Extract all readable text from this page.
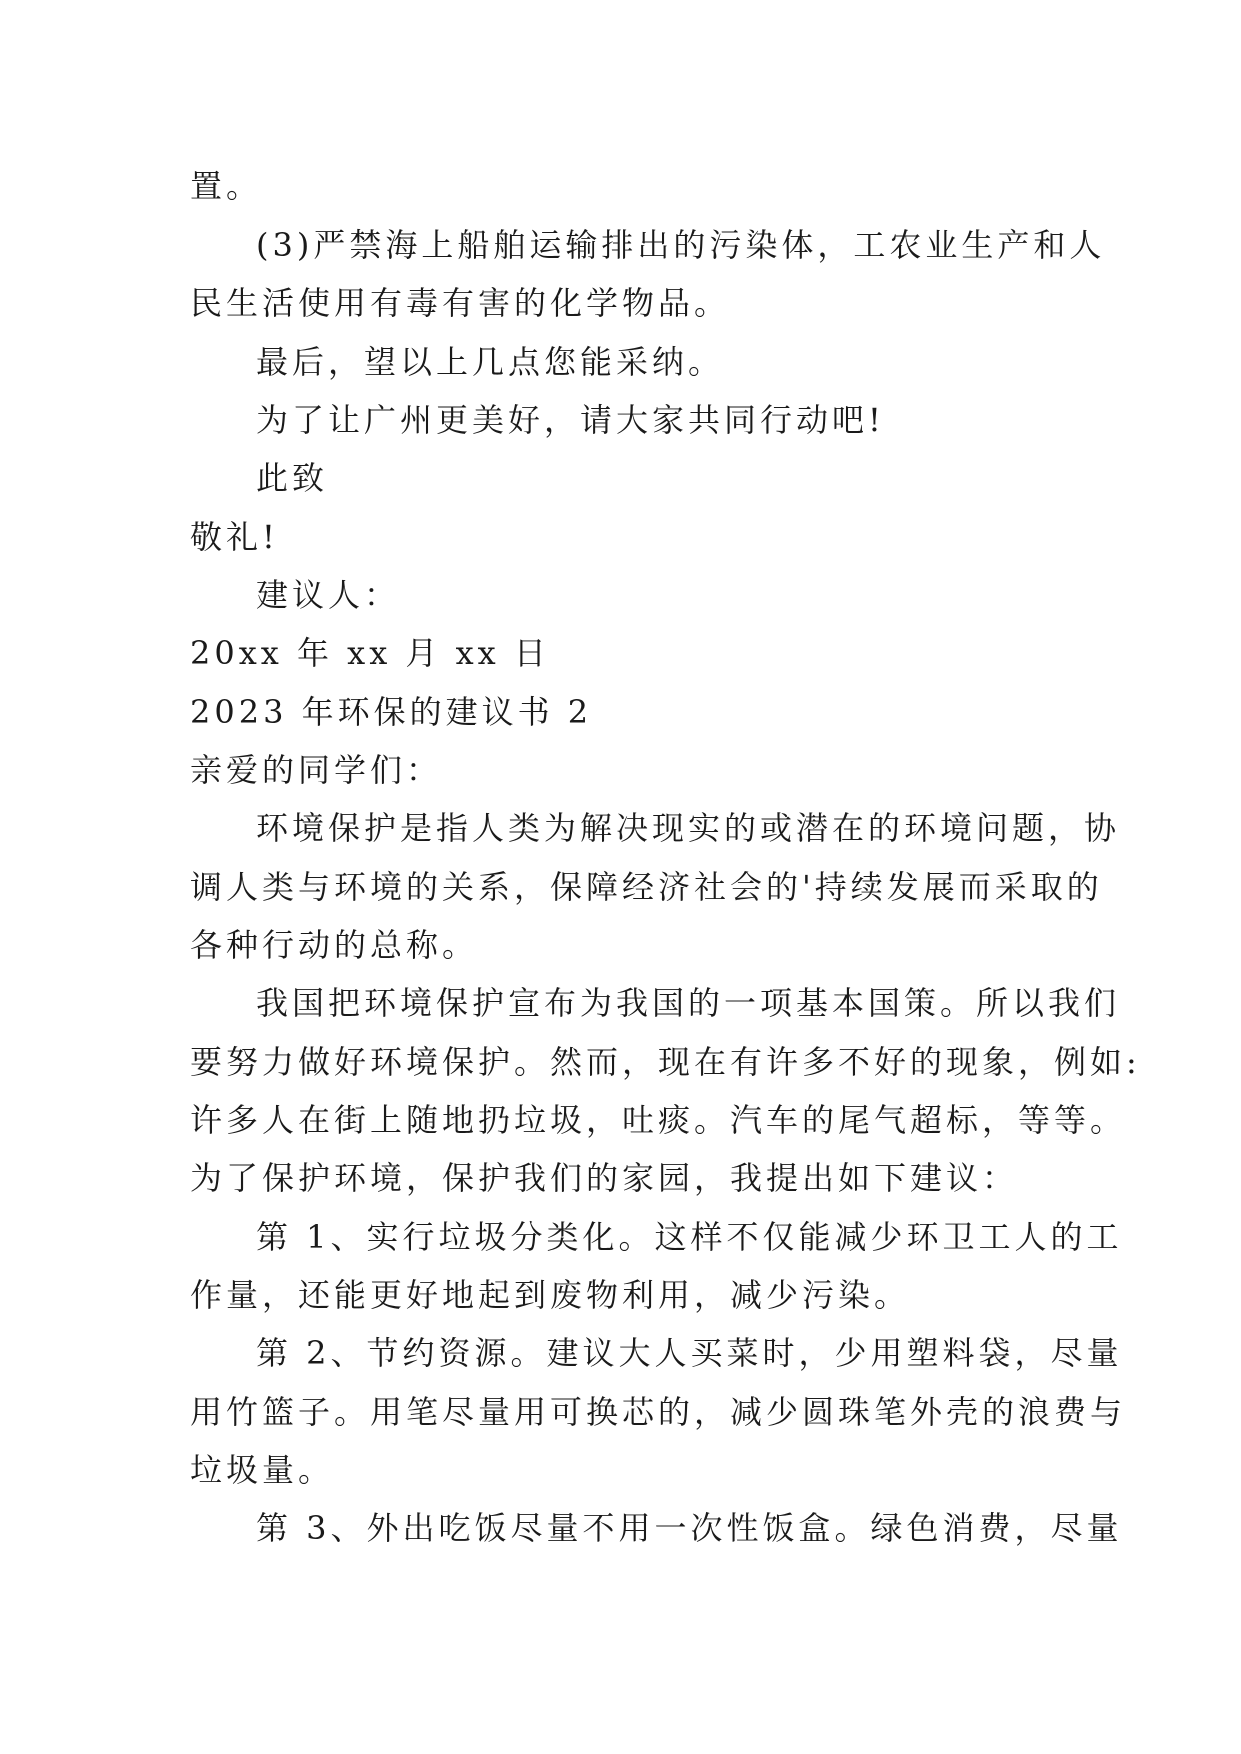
置。
(3)严禁海上船舶运输排出的污染体，工农业生产和人
民生活使用有毒有害的化学物品。
最后，望以上几点您能采纳。
为了让广州更美好，请大家共同行动吧!
此致
敬礼!
建议人：
20xx 年 xx 月 xx 日
2023 年环保的建议书 2
亲爱的同学们：
环境保护是指人类为解决现实的或潜在的环境问题，协
调人类与环境的关系，保障经济社会的'持续发展而采取的
各种行动的总称。
我国把环境保护宣布为我国的一项基本国策。所以我们
要努力做好环境保护。然而，现在有许多不好的现象，例如:
许多人在街上随地扔垃圾，吐痰。汽车的尾气超标，等等。
为了保护环境，保护我们的家园，我提出如下建议：
第 1、实行垃圾分类化。这样不仅能减少环卫工人的工
作量，还能更好地起到废物利用，减少污染。
第 2、节约资源。建议大人买菜时，少用塑料袋，尽量
用竹篮子。用笔尽量用可换芯的，减少圆珠笔外壳的浪费与
垃圾量。
第 3、外出吃饭尽量不用一次性饭盒。绿色消费，尽量
